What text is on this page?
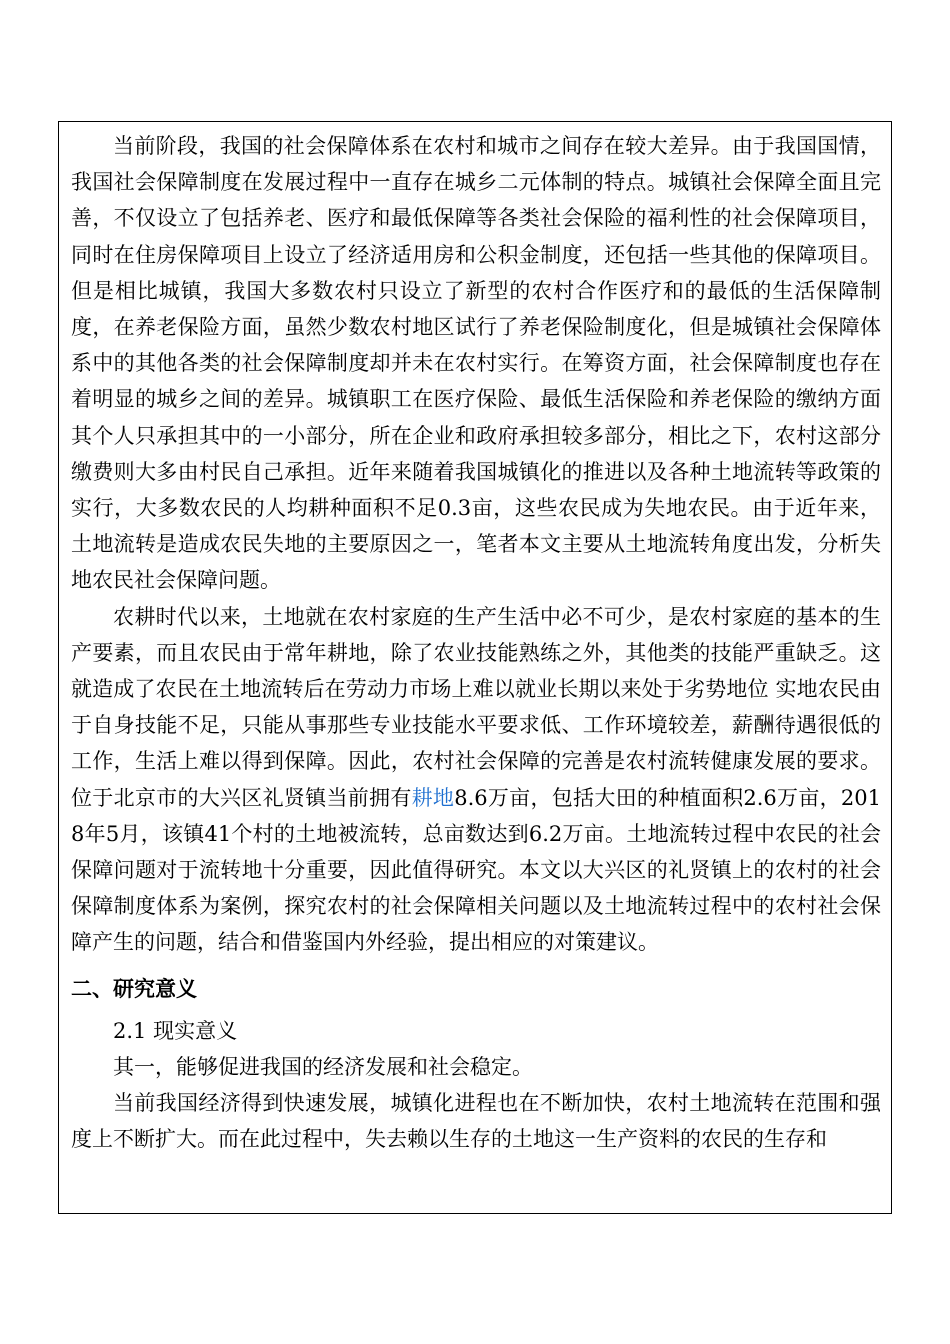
当前阶段，我国的社会保障体系在农村和城市之间存在较大差异。由于我国国情，我国社会保障制度在发展过程中一直存在城乡二元体制的特点。城镇社会保障全面且完善，不仅设立了包括养老、医疗和最低保障等各类社会保险的福利性的社会保障项目，同时在住房保障项目上设立了经济适用房和公积金制度，还包括一些其他的保障项目。但是相比城镇，我国大多数农村只设立了新型的农村合作医疗和的最低的生活保障制度，在养老保险方面，虽然少数农村地区试行了养老保险制度化，但是城镇社会保障体系中的其他各类的社会保障制度却并未在农村实行。在筹资方面，社会保障制度也存在着明显的城乡之间的差异。城镇职工在医疗保险、最低生活保险和养老保险的缴纳方面其个人只承担其中的一小部分，所在企业和政府承担较多部分，相比之下，农村这部分缴费则大多由村民自己承担。近年来随着我国城镇化的推进以及各种土地流转等政策的实行，大多数农民的人均耕种面积不足0.3亩，这些农民成为失地农民。由于近年来，土地流转是造成农民失地的主要原因之一，笔者本文主要从土地流转角度出发，分析失地农民社会保障问题。

农耕时代以来，土地就在农村家庭的生产生活中必不可少，是农村家庭的基本的生产要素，而且农民由于常年耕地，除了农业技能熟练之外，其他类的技能严重缺乏。这就造成了农民在土地流转后在劳动力市场上难以就业长期以来处于劣势地位 实地农民由于自身技能不足，只能从事那些专业技能水平要求低、工作环境较差，薪酬待遇很低的工作，生活上难以得到保障。因此，农村社会保障的完善是农村流转健康发展的要求。位于北京市的大兴区礼贤镇当前拥有耕地8.6万亩，包括大田的种植面积2.6万亩，2018年5月，该镇41个村的土地被流转，总亩数达到6.2万亩。土地流转过程中农民的社会保障问题对于流转地十分重要，因此值得研究。本文以大兴区的礼贤镇上的农村的社会保障制度体系为案例，探究农村的社会保障相关问题以及土地流转过程中的农村社会保障产生的问题，结合和借鉴国内外经验，提出相应的对策建议。

二、研究意义

2.1 现实意义

其一，能够促进我国的经济发展和社会稳定。

当前我国经济得到快速发展，城镇化进程也在不断加快，农村土地流转在范围和强度上不断扩大。而在此过程中，失去赖以生存的土地这一生产资料的农民的生存和
